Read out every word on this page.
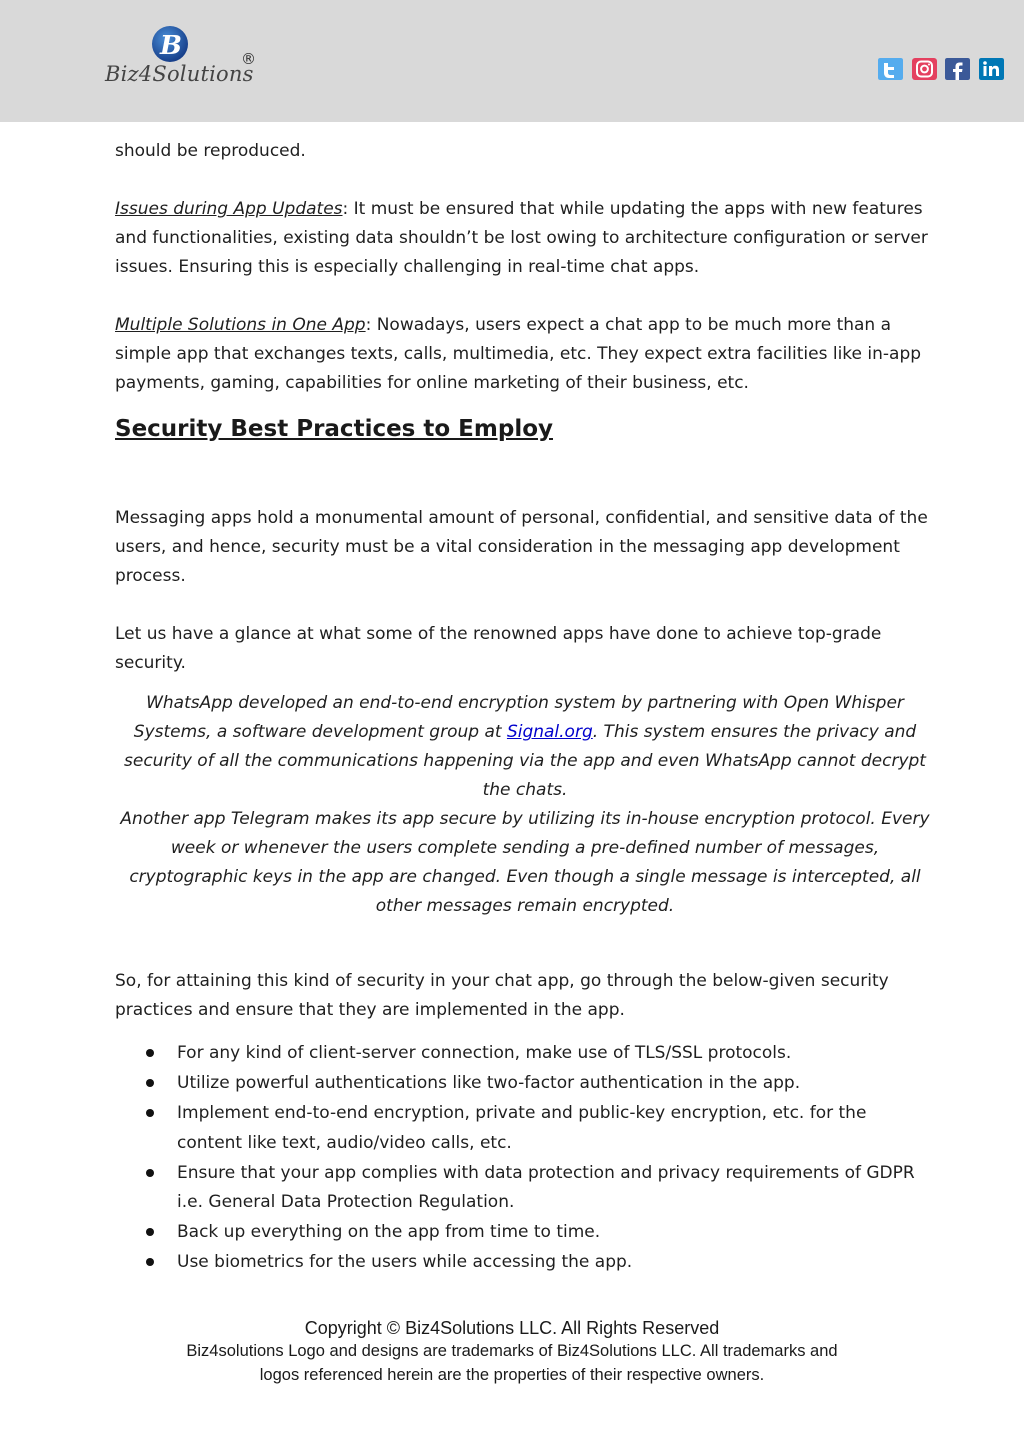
B
Biz4Solutions
®

should be reproduced.

Issues during App Updates: It must be ensured that while updating the apps with new features and functionalities, existing data shouldn’t be lost owing to architecture configuration or server issues. Ensuring this is especially challenging in real-time chat apps.

Multiple Solutions in One App: Nowadays, users expect a chat app to be much more than a simple app that exchanges texts, calls, multimedia, etc. They expect extra facilities like in-app payments, gaming, capabilities for online marketing of their business, etc.

Security Best Practices to Employ

Messaging apps hold a monumental amount of personal, confidential, and sensitive data of the users, and hence, security must be a vital consideration in the messaging app development process.

Let us have a glance at what some of the renowned apps have done to achieve top-grade security.

WhatsApp developed an end-to-end encryption system by partnering with Open Whisper Systems, a software development group at Signal.org. This system ensures the privacy and security of all the communications happening via the app and even WhatsApp cannot decrypt the chats.

Another app Telegram makes its app secure by utilizing its in-house encryption protocol. Every week or whenever the users complete sending a pre-defined number of messages, cryptographic keys in the app are changed. Even though a single message is intercepted, all other messages remain encrypted.

So, for attaining this kind of security in your chat app, go through the below-given security practices and ensure that they are implemented in the app.

For any kind of client-server connection, make use of TLS/SSL protocols.
Utilize powerful authentications like two-factor authentication in the app.
Implement end-to-end encryption, private and public-key encryption, etc. for the content like text, audio/video calls, etc.
Ensure that your app complies with data protection and privacy requirements of GDPR i.e. General Data Protection Regulation.
Back up everything on the app from time to time.
Use biometrics for the users while accessing the app.
Copyright © Biz4Solutions LLC. All Rights Reserved
Biz4solutions Logo and designs are trademarks of Biz4Solutions LLC. All trademarks and
logos referenced herein are the properties of their respective owners.
